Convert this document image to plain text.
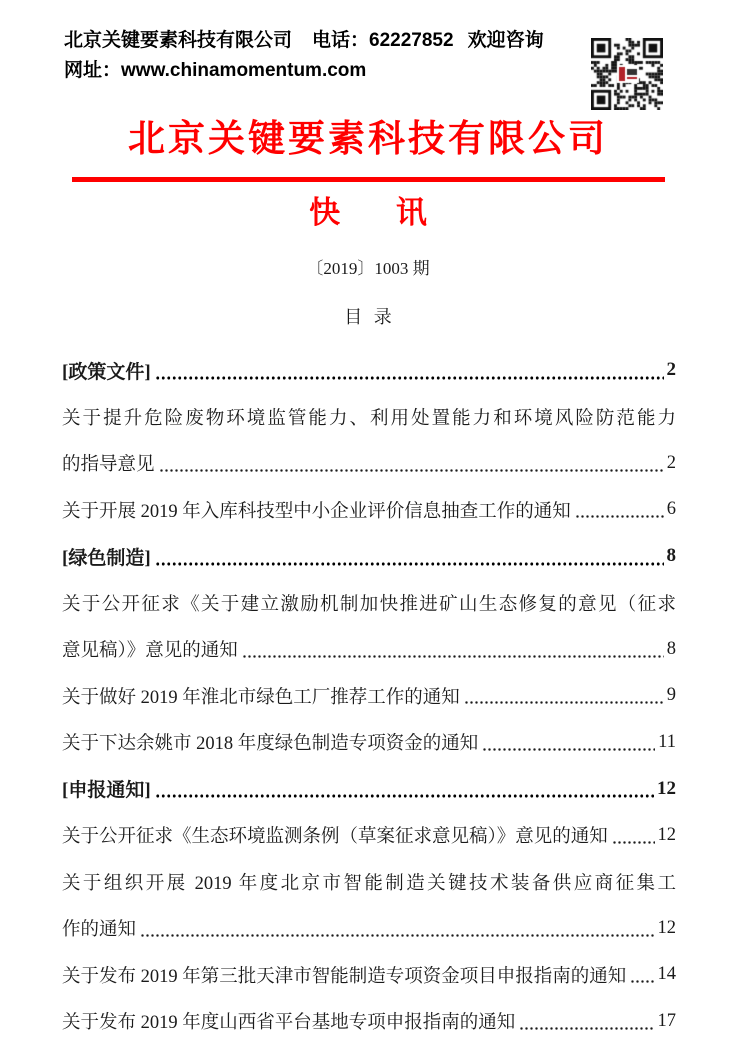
北京关键要素科技有限公司 电话：62227852 欢迎咨询
网址：www.chinamomentum.com
北京关键要素科技有限公司
快 讯
〔2019〕1003 期
目 录
[政策文件]	2
关于提升危险废物环境监管能力、利用处置能力和环境风险防范能力
的指导意见	2
关于开展 2019 年入库科技型中小企业评价信息抽查工作的通知	6
[绿色制造]	8
关于公开征求《关于建立激励机制加快推进矿山生态修复的意见（征求
意见稿）》意见的通知	8
关于做好 2019 年淮北市绿色工厂推荐工作的通知	9
关于下达余姚市 2018 年度绿色制造专项资金的通知	11
[申报通知]	12
关于公开征求《生态环境监测条例（草案征求意见稿）》意见的通知	12
关于组织开展 2019 年度北京市智能制造关键技术装备供应商征集工
作的通知	12
关于发布 2019 年第三批天津市智能制造专项资金项目申报指南的通知 14
关于发布 2019 年度山西省平台基地专项申报指南的通知	17
